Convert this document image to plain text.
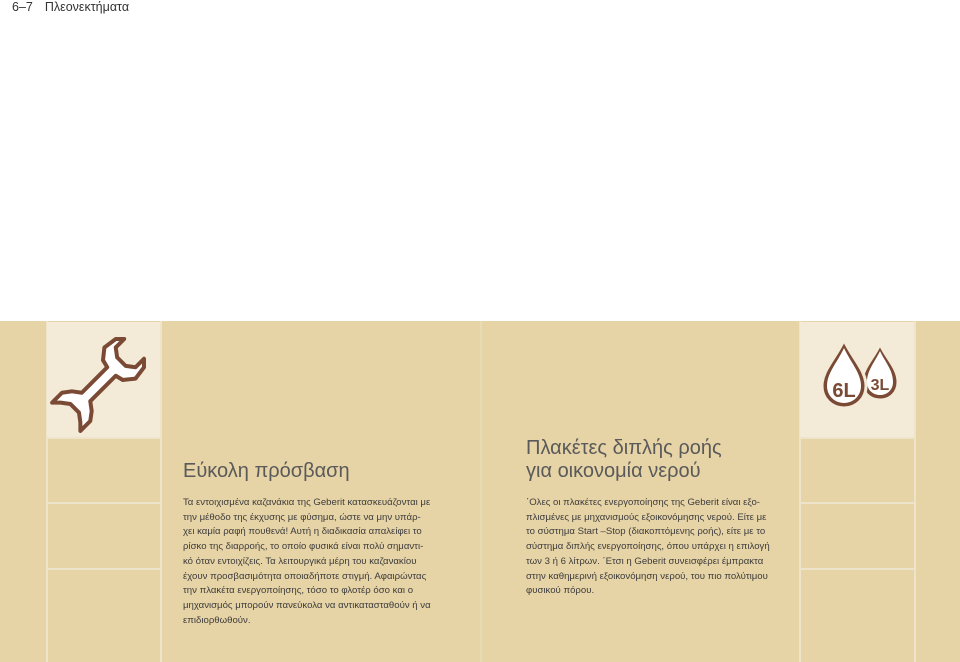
6–7 Πλεονεκτήματα
6L 3L
Εύκολη πρόσβαση
Τα εντοιχισμένα καζανάκια της Geberit κατασκευάζονται με
την μέθοδο της έκχυσης με φύσημα, ώστε να μην υπάρ-
χει καμία ραφή πουθενά! Αυτή η διαδικασία απαλείφει το
ρίσκο της διαρροής, το οποίο φυσικά είναι πολύ σημαντι-
κό όταν εντοιχίζεις. Τα λειτουργικά μέρη του καζανακίου
έχουν προσβασιμότητα οποιαδήποτε στιγμή. Αφαιρώντας
την πλακέτα ενεργοποίησης, τόσο το φλοτέρ όσο και ο
μηχανισμός μπορούν πανεύκολα να αντικατασταθούν ή να
επιδιορθωθούν.
Πλακέτες διπλής ροής
για οικονομία νερού
΄Ολες οι πλακέτες ενεργοποίησης της Geberit είναι εξο-
πλισμένες με μηχανισμούς εξοικονόμησης νερού. Είτε με
το σύστημα Start –Stop (διακοπτόμενης ροής), είτε με το
σύστημα διπλής ενεργοποίησης, όπου υπάρχει η επιλογή
των 3 ή 6 λίτρων. ΄Ετσι η Geberit συνεισφέρει έμπρακτα
στην καθημερινή εξοικονόμηση νερού, του πιο πολύτιμου
φυσικού πόρου.
